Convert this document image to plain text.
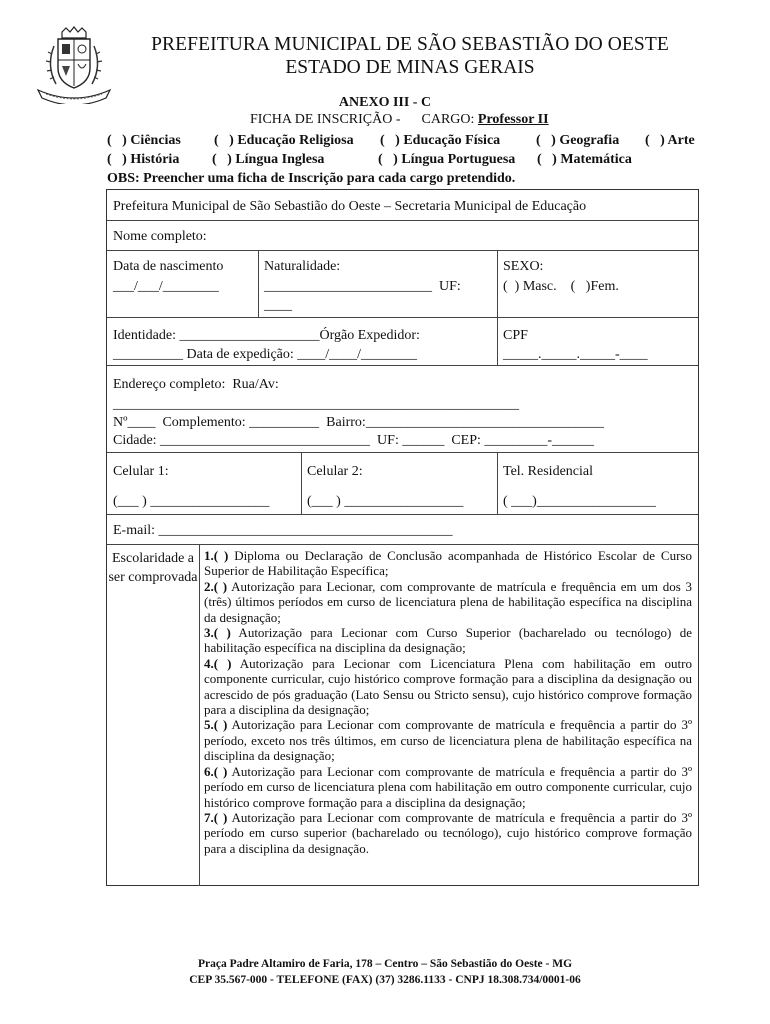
PREFEITURA MUNICIPAL DE SÃO SEBASTIÃO DO OESTE
ESTADO DE MINAS GERAIS
ANEXO III - C
FICHA DE INSCRIÇÃO -      CARGO: Professor II
(   ) Ciências (   ) Educação Religiosa (   ) Educação Física	(   ) Geografia (   ) Arte
(   ) História (   ) Língua Inglesa	(   ) Língua Portuguesa (   ) Matemática
OBS: Preencher uma ficha de Inscrição para cada cargo pretendido.
Prefeitura Municipal de São Sebastião do Oeste – Secretaria Municipal de Educação
Nome completo:
Data de nascimento
___/___/________
Naturalidade:
________________________  UF:
____
SEXO:
(  ) Masc.    (   )Fem.
Identidade: ____________________Órgão Expedidor:
__________ Data de expedição: ____/____/________
CPF
_____._____._____-____
Endereço completo:  Rua/Av:
__________________________________________________________
Nº____  Complemento: __________  Bairro:__________________________________
Cidade: ______________________________  UF: ______  CEP: _________-______
Celular 1:
(___ ) _________________
Celular 2:
(___ ) _________________
Tel. Residencial
( ___)_________________
E-mail: __________________________________________
Escolaridade a ser comprovada

1.( ) Diploma ou Declaração de Conclusão acompanhada de Histórico Escolar de Curso Superior de Habilitação Específica;

2.( ) Autorização para Lecionar, com comprovante de matrícula e frequência em um dos 3 (três) últimos períodos em curso de licenciatura plena de habilitação específica na disciplina da designação;

3.( ) Autorização para Lecionar com Curso Superior (bacharelado ou tecnólogo) de habilitação específica na disciplina da designação;

4.( ) Autorização para Lecionar com Licenciatura Plena com habilitação em outro componente curricular, cujo histórico comprove formação para a disciplina da designação ou acrescido de pós graduação (Lato Sensu ou Stricto sensu), cujo histórico comprove formação para a disciplina da designação;

5.( ) Autorização para Lecionar com comprovante de matrícula e frequência a partir do 3º período, exceto nos três últimos, em curso de licenciatura plena de habilitação específica na disciplina da designação;

6.( ) Autorização para Lecionar com comprovante de matrícula e frequência a partir do 3º período em curso de licenciatura plena com habilitação em outro componente curricular, cujo histórico comprove formação para a disciplina da designação;

7.( ) Autorização para Lecionar com comprovante de matrícula e frequência a partir do 3º período em curso superior (bacharelado ou tecnólogo), cujo histórico comprove formação para a disciplina da designação.

Praça Padre Altamiro de Faria, 178 – Centro – São Sebastião do Oeste - MG
CEP 35.567-000 - TELEFONE (FAX) (37) 3286.1133 - CNPJ 18.308.734/0001-06
